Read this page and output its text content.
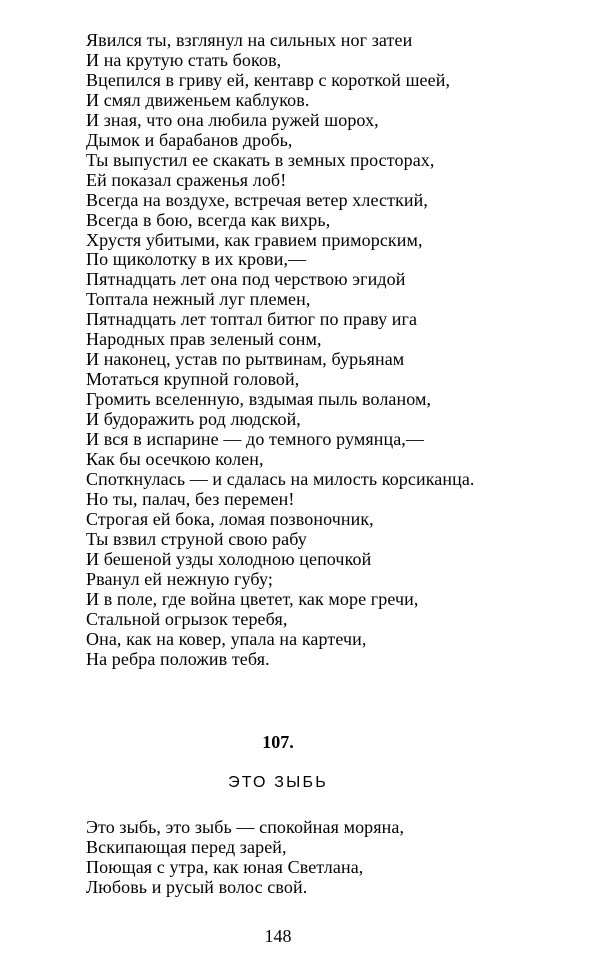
Явился ты, взглянул на сильных ног затеи
И на крутую стать боков,
Вцепился в гриву ей, кентавр с короткой шеей,
И смял движеньем каблуков.
И зная, что она любила ружей шорох,
Дымок и барабанов дробь,
Ты выпустил ее скакать в земных просторах,
Ей показал сраженья лоб!
Всегда на воздухе, встречая ветер хлесткий,
Всегда в бою, всегда как вихрь,
Хрустя убитыми, как гравием приморским,
По щиколотку в их крови,—
Пятнадцать лет она под черствою эгидой
Топтала нежный луг племен,
Пятнадцать лет топтал битюг по праву ига
Народных прав зеленый сонм,
И наконец, устав по рытвинам, бурьянам
Мотаться крупной головой,
Громить вселенную, вздымая пыль воланом,
И будоражить род людской,
И вся в испарине — до темного румянца,—
Как бы осечкою колен,
Споткнулась — и сдалась на милость корсиканца.
Но ты, палач, без перемен!
Строгая ей бока, ломая позвоночник,
Ты взвил струной свою рабу
И бешеной узды холодною цепочкой
Рванул ей нежную губу;
И в поле, где война цветет, как море гречи,
Стальной огрызок теребя,
Она, как на ковер, упала на картечи,
На ребра положив тебя.
107.
ЭТО ЗЫБЬ
Это зыбь, это зыбь — спокойная моряна,
Вскипающая перед зарей,
Поющая с утра, как юная Светлана,
Любовь и русый волос свой.
148
